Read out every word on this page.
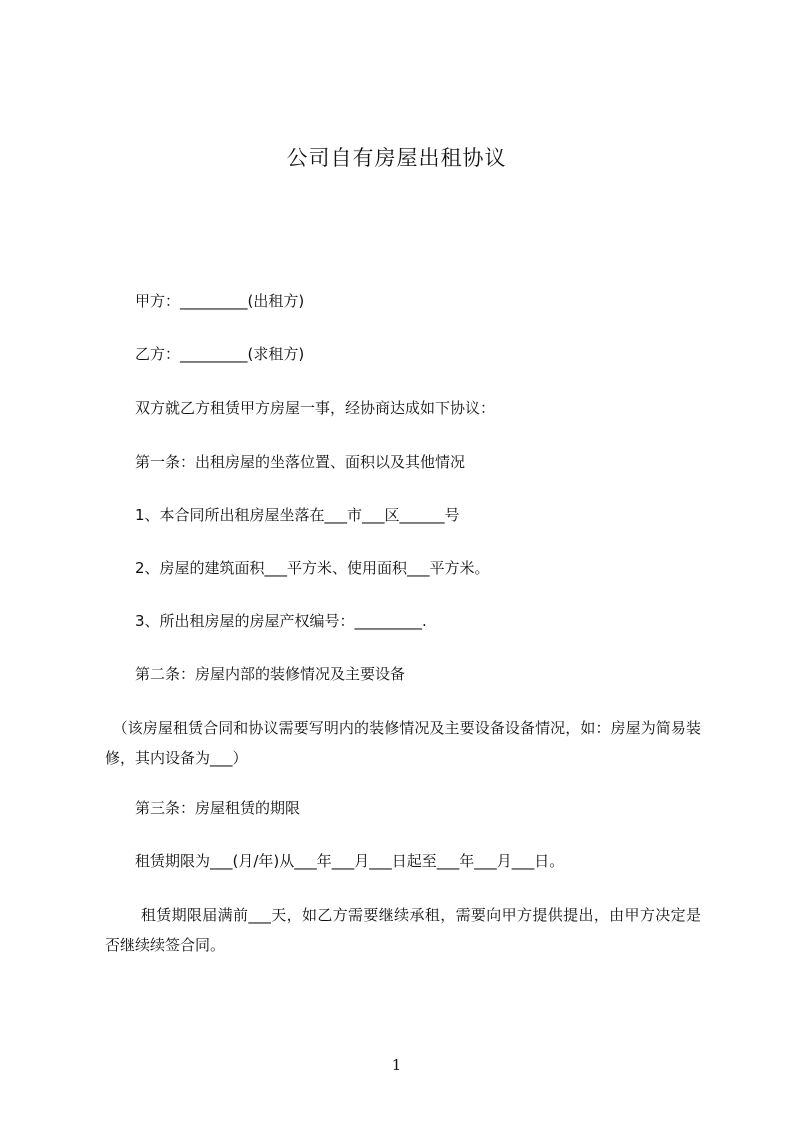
公司自有房屋出租协议
　　甲方：_________(出租方)
　　乙方：_________(求租方)
　　双方就乙方租赁甲方房屋一事，经协商达成如下协议：
　　第一条：出租房屋的坐落位置、面积以及其他情况
　　1、本合同所出租房屋坐落在___市___区______号
　　2、房屋的建筑面积___平方米、使用面积___平方米。
　　3、所出租房屋的房屋产权编号：_________.
　　第二条：房屋内部的装修情况及主要设备
　（该房屋租赁合同和协议需要写明内的装修情况及主要设备设备情况，如：房屋为简易装修，其内设备为___）
　　第三条：房屋租赁的期限
　　租赁期限为___(月/年)从___年___月___日起至___年___月___日。
　　 租赁期限届满前___天，如乙方需要继续承租，需要向甲方提供提出，由甲方决定是否继续续签合同。
1
